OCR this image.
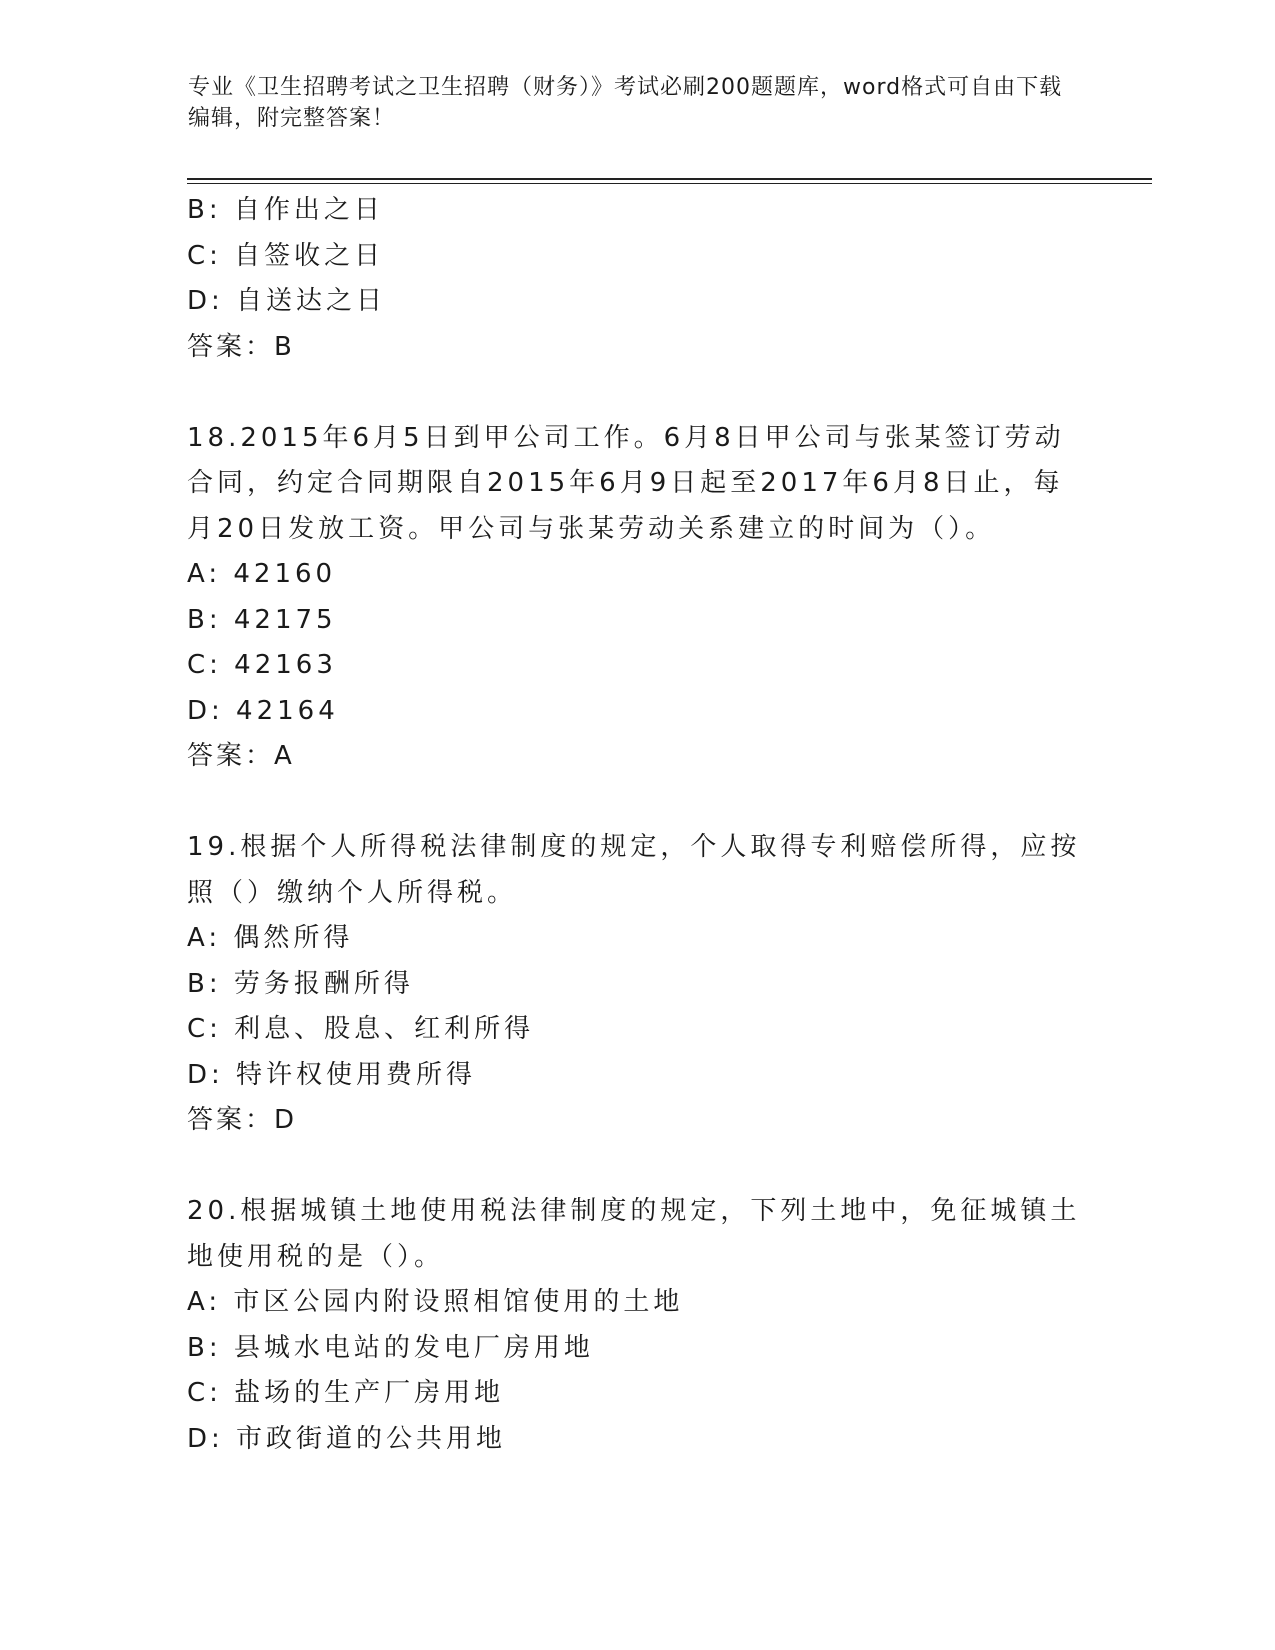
专业《卫生招聘考试之卫生招聘（财务）》考试必刷200题题库，word格式可自由下载编辑，附完整答案！
B: 自作出之日
C: 自签收之日
D: 自送达之日
答案：B
18.2015年6月5日到甲公司工作。6月8日甲公司与张某签订劳动合同，约定合同期限自2015年6月9日起至2017年6月8日止，每月20日发放工资。甲公司与张某劳动关系建立的时间为（）。
A: 42160
B: 42175
C: 42163
D: 42164
答案：A
19.根据个人所得税法律制度的规定，个人取得专利赔偿所得，应按照（）缴纳个人所得税。
A: 偶然所得
B: 劳务报酬所得
C: 利息、股息、红利所得
D: 特许权使用费所得
答案：D
20.根据城镇土地使用税法律制度的规定，下列土地中，免征城镇土地使用税的是（）。
A: 市区公园内附设照相馆使用的土地
B: 县城水电站的发电厂房用地
C: 盐场的生产厂房用地
D: 市政街道的公共用地
